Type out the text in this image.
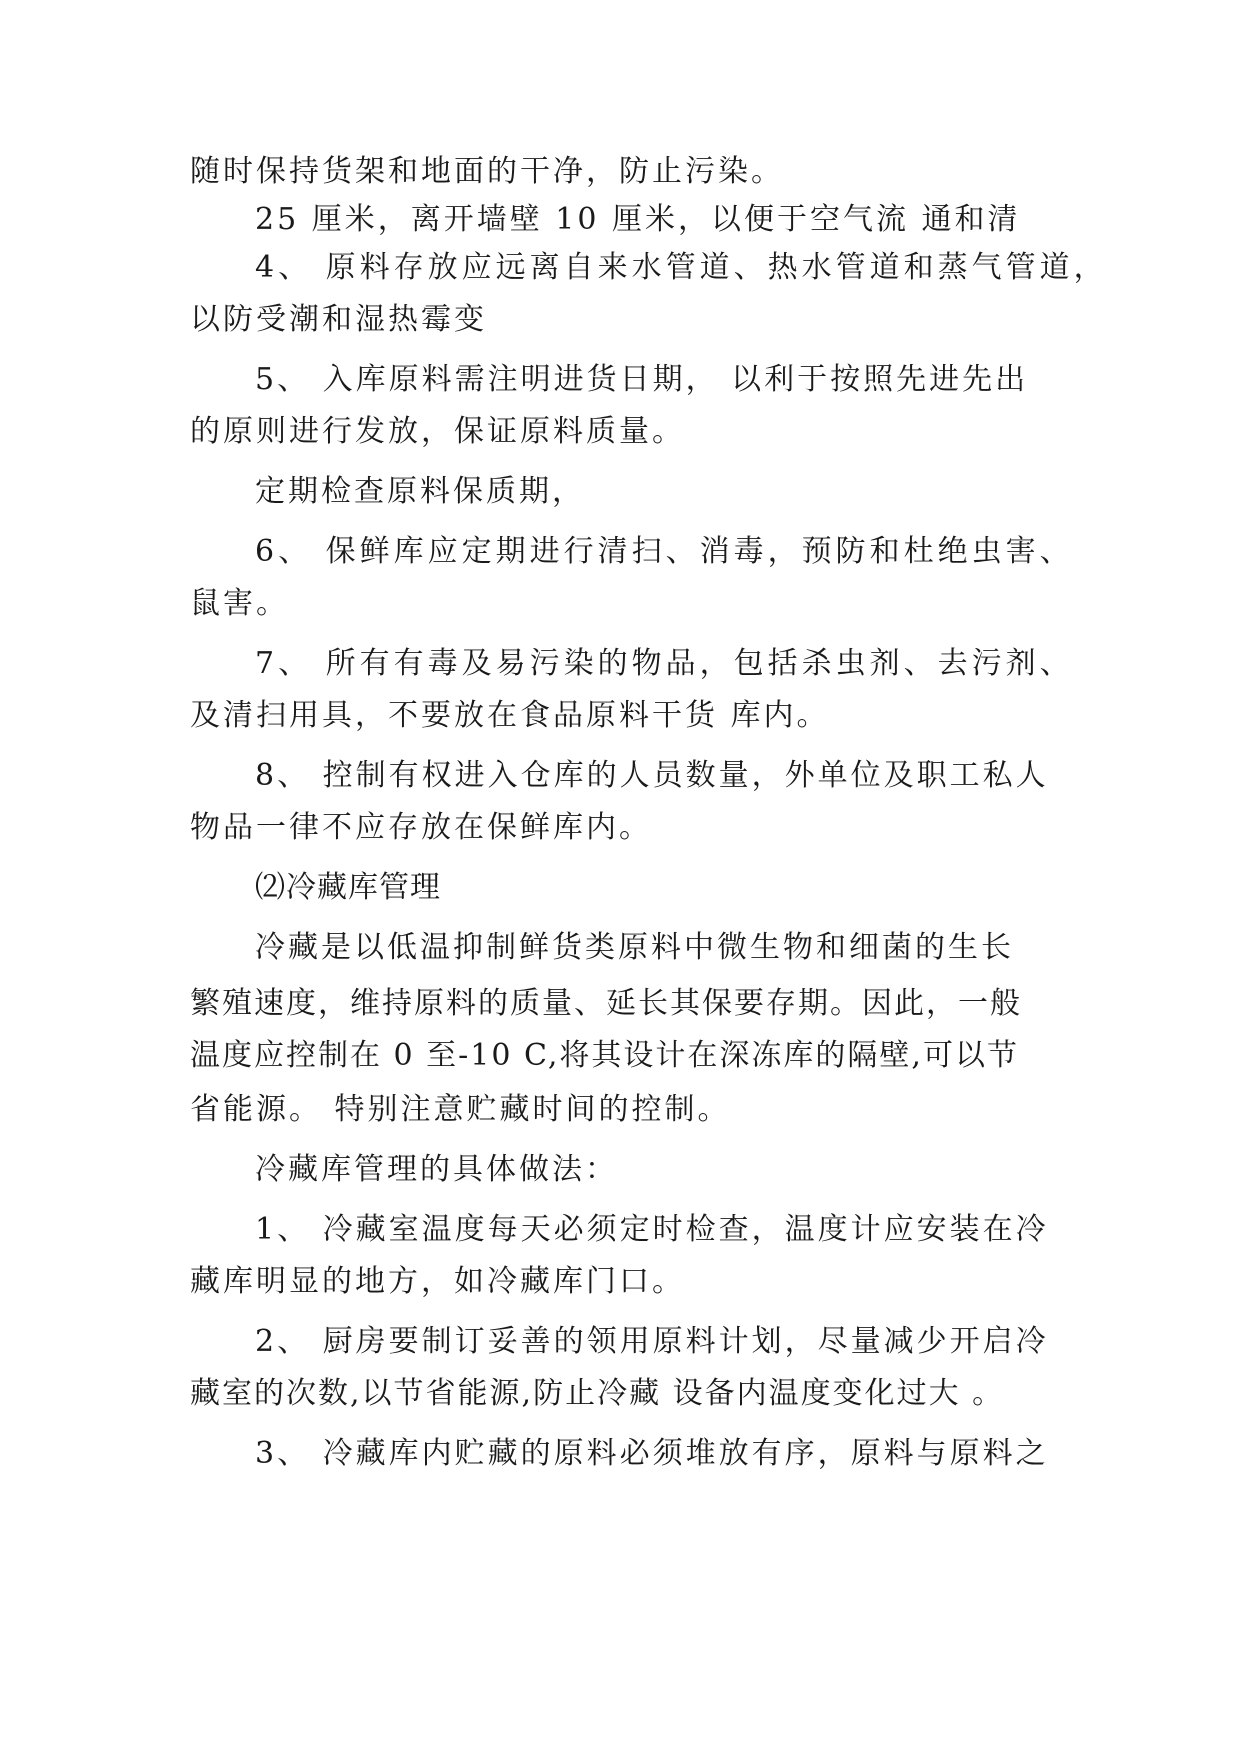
随时保持货架和地面的干净，防止污染。
25 厘米，离开墙壁 10 厘米，以便于空气流 通和清
4、 原料存放应远离自来水管道、热水管道和蒸气管道，
以防受潮和湿热霉变
5、 入库原料需注明进货日期， 以利于按照先进先出
的原则进行发放，保证原料质量。
定期检查原料保质期，
6、 保鲜库应定期进行清扫、消毒，预防和杜绝虫害、
鼠害。
7、 所有有毒及易污染的物品，包括杀虫剂、去污剂、
及清扫用具，不要放在食品原料干货 库内。
8、 控制有权进入仓库的人员数量，外单位及职工私人
物品一律不应存放在保鲜库内。
⑵冷藏库管理
冷藏是以低温抑制鲜货类原料中微生物和细菌的生长
繁殖速度，维持原料的质量、延长其保要存期。因此，一般
温度应控制在 0 至-10 C,将其设计在深冻库的隔壁,可以节
省能源。 特别注意贮藏时间的控制。
冷藏库管理的具体做法：
1、 冷藏室温度每天必须定时检查，温度计应安装在冷
藏库明显的地方，如冷藏库门口。
2、 厨房要制订妥善的领用原料计划，尽量减少开启冷
藏室的次数,以节省能源,防止冷藏 设备内温度变化过大 。
3、 冷藏库内贮藏的原料必须堆放有序，原料与原料之
